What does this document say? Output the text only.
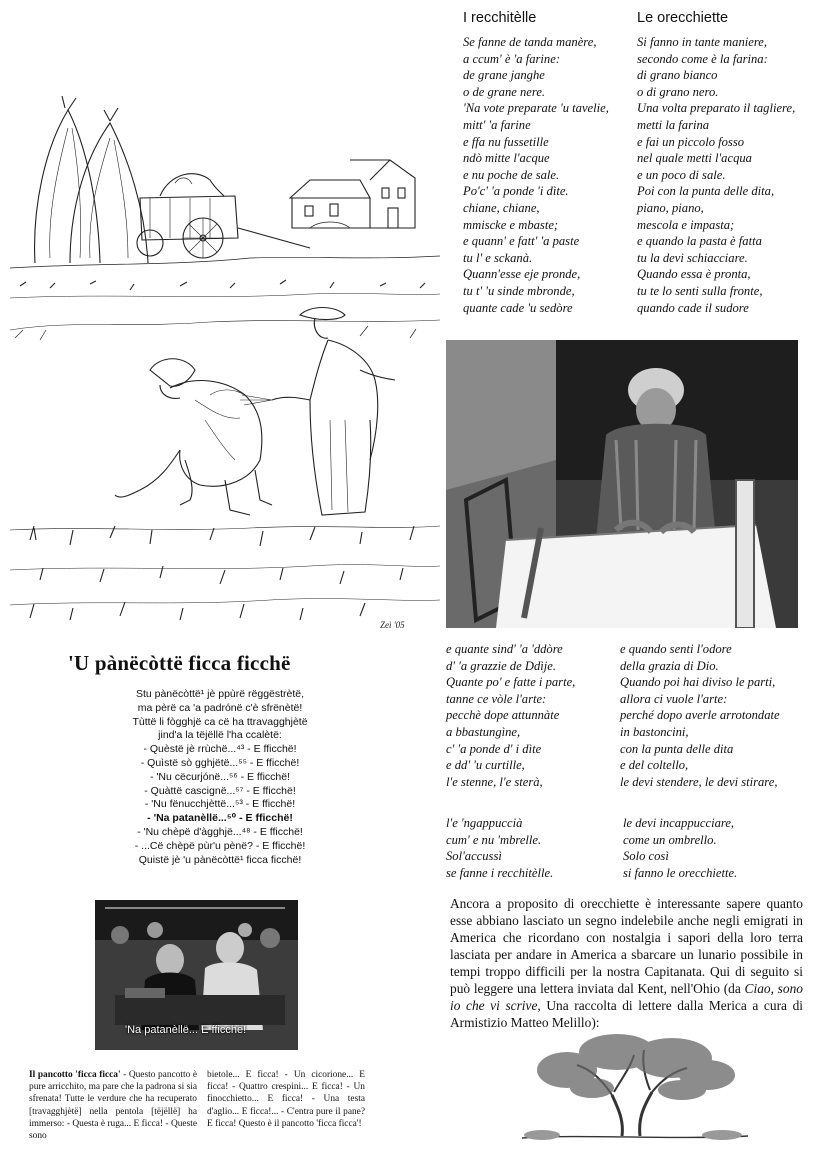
Zeì '05
I recchitèlle	Le orecchiette
Se fanne de tanda manère,
a ccum' è 'a farine:
de grane janghe
o de grane nere.
'Na vote preparate 'u tavelie,
mitt' 'a farine
e ffa nu fussetille
ndò mitte l'acque
e nu poche de sale.
Po'c' 'a ponde 'i dìte.
chiane, chiane,
mmiscke e mbaste;
e quann' e fatt' 'a paste
tu l' e sckanà.
Quann'esse eje pronde,
tu t' 'u sinde mbronde,
quante cade 'u sedòre
Si fanno in tante maniere,
secondo come è la farina:
di grano bianco
o di grano nero.
Una volta preparato il tagliere,
metti la farina
e fai un piccolo fosso
nel quale metti l'acqua
e un poco di sale.
Poi con la punta delle dita,
piano, piano,
mescola e impasta;
e quando la pasta è fatta
tu la devi schiacciare.
Quando essa è pronta,
tu te lo senti sulla fronte,
quando cade il sudore
e quante sind' 'a 'ddòre
d' 'a grazzie de Ddìje.
Quante po' e fatte i parte,
tanne ce vòle l'arte:
pecchè dope attunnàte
a bbastungìne,
c' 'a ponde d' i dìte
e dd' 'u curtille,
l'e stenne, l'e sterà,
e quando senti l'odore
della grazia di Dio.
Quando poi hai diviso le parti,
allora ci vuole l'arte:
perché dopo averle arrotondate
in bastoncini,
con la punta delle dita
e del coltello,
le devi stendere, le devi stirare,
l'e 'ngappuccià
cum' e nu 'mbrelle.
Sol'accussì
se fanne i recchitèlle.
le devi incappucciare,
come un ombrello.
Solo così
si fanno le orecchiette.
'U pànëcòttë ficca ficchë
Stu pànëcòttë¹ jè ppùrë rëggëstrètë,
ma pèrë ca 'a padrónë c'è sfrënètë!
Tùttë li fògghjë ca cë ha ttravagghjètë
jind'a la tëjëllë l'ha ccalètë:
- Quèstë jè rrùchë...⁴³ - E fficchë!
- Quìstë sò gghjëtë...⁵⁵ - E fficchë!
- 'Nu cëcurjónë...⁵⁶ - E fficchë!
- Quàttë cascignë...⁵⁷ - E fficchë!
- 'Nu fënucchjèttë...⁵³ - E fficchë!
- 'Na patanèllë...⁵⁰ - E fficchë!
- 'Nu chèpë d'àgghjë...⁴⁸ - E fficchë!
- ...Cë chèpë pùr'u pènë? - E fficchë!
Quistë jè 'u pànëcòttë¹ ficca ficchë!
'Na patanèllë... E fficchë!
Il pancotto 'ficca ficca' - Questo pancotto è pure arricchito, ma pare che la padrona si sia sfrenata! Tutte le verdure che ha recuperato [travagghjètë] nella pentola [tëjëllë] ha immerso: - Questa è ruga... E ficca! - Queste sono
bietole... E ficca! - Un cicorione... E ficca! - Quattro crespini... E ficca! - Un finocchietto... E ficca! - Una testa d'aglio... E ficca!... - C'entra pure il pane? E ficca! Questo è il pancotto 'ficca ficca'!
Ancora a proposito di orecchiette è interessante sapere quanto esse abbiano lasciato un segno indelebile anche negli emigrati in America che ricordano con nostalgia i sapori della loro terra lasciata per andare in America a sbarcare un lunario possibile in tempi troppo difficili per la nostra Capitanata. Qui di seguito si può leggere una lettera inviata dal Kent, nell'Ohio (da Ciao, sono io che vi scrive, Una raccolta di lettere dalla Merica a cura di Armistizio Matteo Melillo):
